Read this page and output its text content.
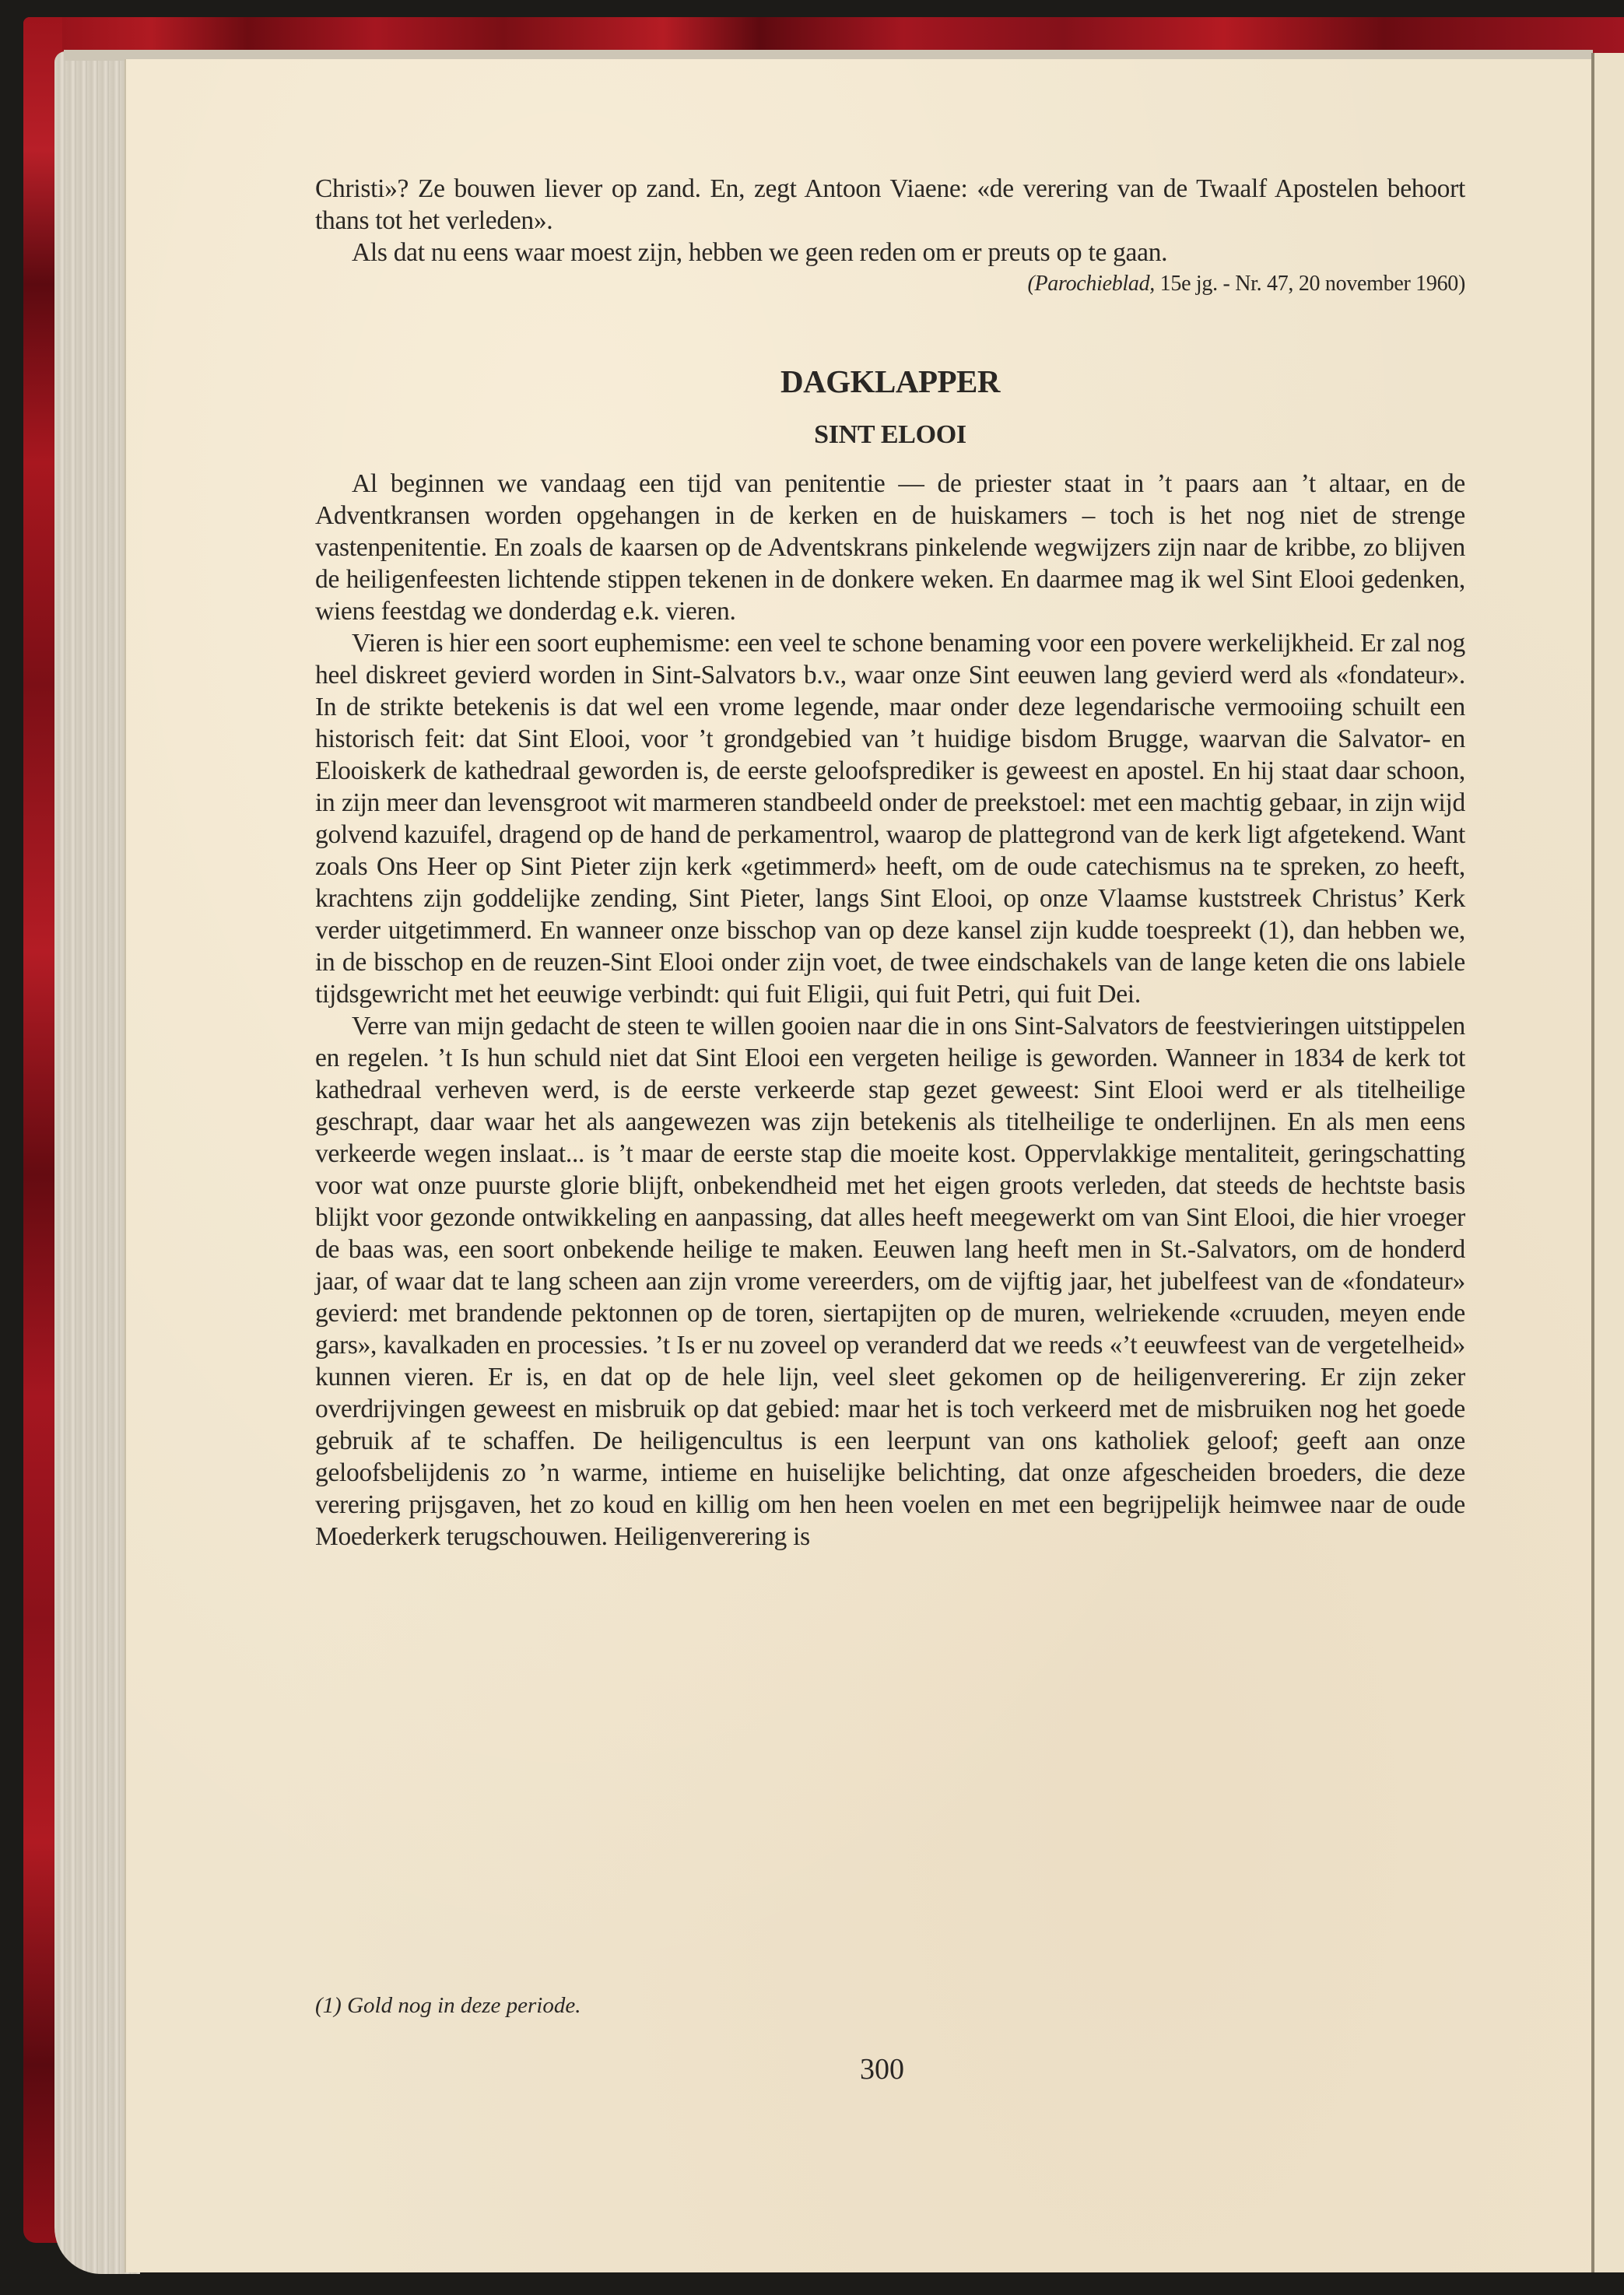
Christi»? Ze bouwen liever op zand. En, zegt Antoon Viaene: «de verering van de Twaalf Apostelen behoort thans tot het verleden».

Als dat nu eens waar moest zijn, hebben we geen reden om er preuts op te gaan.

(Parochieblad, 15e jg. - Nr. 47, 20 november 1960)

DAGKLAPPER
SINT ELOOI

Al beginnen we vandaag een tijd van penitentie — de priester staat in ’t paars aan ’t altaar, en de Adventkransen worden opgehangen in de kerken en de huiskamers – toch is het nog niet de strenge vastenpenitentie. En zoals de kaarsen op de Adventskrans pinkelende wegwijzers zijn naar de kribbe, zo blijven de heiligenfeesten lichtende stippen tekenen in de donkere weken. En daarmee mag ik wel Sint Elooi gedenken, wiens feestdag we donderdag e.k. vieren.

Vieren is hier een soort euphemisme: een veel te schone benaming voor een povere werkelijkheid. Er zal nog heel diskreet gevierd worden in Sint-Salvators b.v., waar onze Sint eeuwen lang gevierd werd als «fondateur». In de strikte betekenis is dat wel een vrome legende, maar onder deze legendarische vermooiing schuilt een historisch feit: dat Sint Elooi, voor ’t grondgebied van ’t huidige bisdom Brugge, waarvan die Salvator- en Elooiskerk de kathedraal geworden is, de eerste geloofsprediker is geweest en apostel. En hij staat daar schoon, in zijn meer dan levensgroot wit marmeren standbeeld onder de preekstoel: met een machtig gebaar, in zijn wijd golvend kazuifel, dragend op de hand de perkamentrol, waarop de plattegrond van de kerk ligt afgetekend. Want zoals Ons Heer op Sint Pieter zijn kerk «getimmerd» heeft, om de oude catechismus na te spreken, zo heeft, krachtens zijn goddelijke zending, Sint Pieter, langs Sint Elooi, op onze Vlaamse kuststreek Christus’ Kerk verder uitgetimmerd. En wanneer onze bisschop van op deze kansel zijn kudde toespreekt (1), dan hebben we, in de bisschop en de reuzen-Sint Elooi onder zijn voet, de twee eindschakels van de lange keten die ons labiele tijdsgewricht met het eeuwige verbindt: qui fuit Eligii, qui fuit Petri, qui fuit Dei.

Verre van mijn gedacht de steen te willen gooien naar die in ons Sint-Salvators de feestvieringen uitstippelen en regelen. ’t Is hun schuld niet dat Sint Elooi een vergeten heilige is geworden. Wanneer in 1834 de kerk tot kathedraal verheven werd, is de eerste verkeerde stap gezet geweest: Sint Elooi werd er als titelheilige geschrapt, daar waar het als aangewezen was zijn betekenis als titelheilige te onderlijnen. En als men eens verkeerde wegen inslaat... is ’t maar de eerste stap die moeite kost. Oppervlakkige mentaliteit, geringschatting voor wat onze puurste glorie blijft, onbekendheid met het eigen groots verleden, dat steeds de hechtste basis blijkt voor gezonde ontwikkeling en aanpassing, dat alles heeft meegewerkt om van Sint Elooi, die hier vroeger de baas was, een soort onbekende heilige te maken. Eeuwen lang heeft men in St.-Salvators, om de honderd jaar, of waar dat te lang scheen aan zijn vrome vereerders, om de vijftig jaar, het jubelfeest van de «fondateur» gevierd: met brandende pektonnen op de toren, siertapijten op de muren, welriekende «cruuden, meyen ende gars», kavalkaden en processies. ’t Is er nu zoveel op veranderd dat we reeds «’t eeuwfeest van de vergetelheid» kunnen vieren. Er is, en dat op de hele lijn, veel sleet gekomen op de heiligenverering. Er zijn zeker overdrijvingen geweest en misbruik op dat gebied: maar het is toch verkeerd met de misbruiken nog het goede gebruik af te schaffen. De heiligencultus is een leerpunt van ons katholiek geloof; geeft aan onze geloofsbelijdenis zo ’n warme, intieme en huiselijke belichting, dat onze afgescheiden broeders, die deze verering prijsgaven, het zo koud en killig om hen heen voelen en met een begrijpelijk heimwee naar de oude Moederkerk terugschouwen. Heiligenverering is

(1) Gold nog in deze periode.
300
